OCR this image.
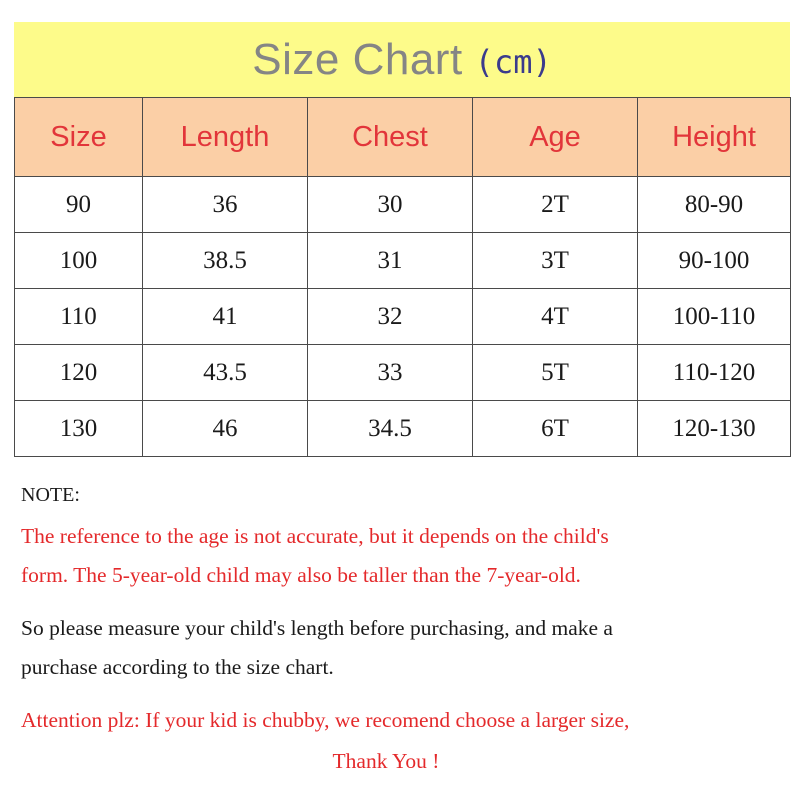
Size Chart (cm)
Size	Length	Chest	Age	Height
90	36	30	2T	80-90
100	38.5	31	3T	90-100
110	41	32	4T	100-110
120	43.5	33	5T	110-120
130	46	34.5	6T	120-130

NOTE:

The reference to the age is not accurate, but it depends on the child's

form. The 5-year-old child may also be taller than the 7-year-old.

So please measure your child's length before purchasing, and make a

purchase according to the size chart.

Attention plz: If your kid is chubby, we recomend choose a larger size,

Thank You !
